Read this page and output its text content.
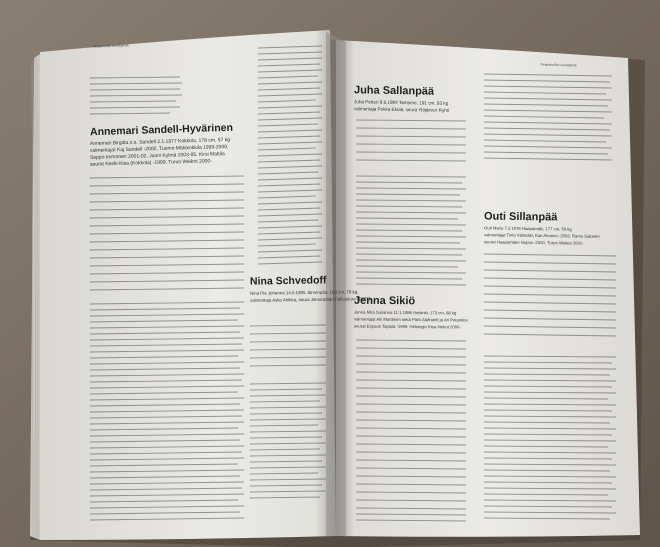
Yleisurheilun ennätyksiä
Annemari Sandell-Hyvärinen
Annemari Birgitta o.s. Sandell 2.1.1977 Kokkola, 178 cm, 57 kg
valmentajat Kaj Sandell -2000, Tuomo Mäkikokkila 1999-2000,
Seppo Immonen 2001-02, Juoni Kylmä 2003-05, Kirsi Mattila
seurat Keski-Kisa (Kokkola) -1999, Turun Weikot 2000-
Nina Schvedoff
Nina Pia Johanna 14.5.1985 Järvenpää, 169 cm, 78 kg,
valmentaja Asko Airikka, seura Järvenpään Palloseura (JäPS)
Yleisurheilun ennätyksiä
Juha Sallanpää
Juha Petteri 8.6.1984 Tampere, 191 cm, 83 kg
valmentaja Pekka Ekola, seura Ylöjärven Ryhti
Jenna Sikiö
Jenna Mira Susanna 11.1.1986 Helsinki, 173 cm, 68 kg
valmentajat Aki Marttinen sekä Päivi Alafrantti ja Ari Potandev
seurat Espoon Tapiola -1999, Helsingin Kisa-Veikot 2000-
Outi Sillanpää
Outi Maria 7.2.1976 Haapamäki, 177 cm, 56 kg
valmentajat Timo Välimäki, Kari Ahonen -2003, Ramu Salonen
seurat Haapamäen Nopsa -2000, Turun Weikot 2001-
